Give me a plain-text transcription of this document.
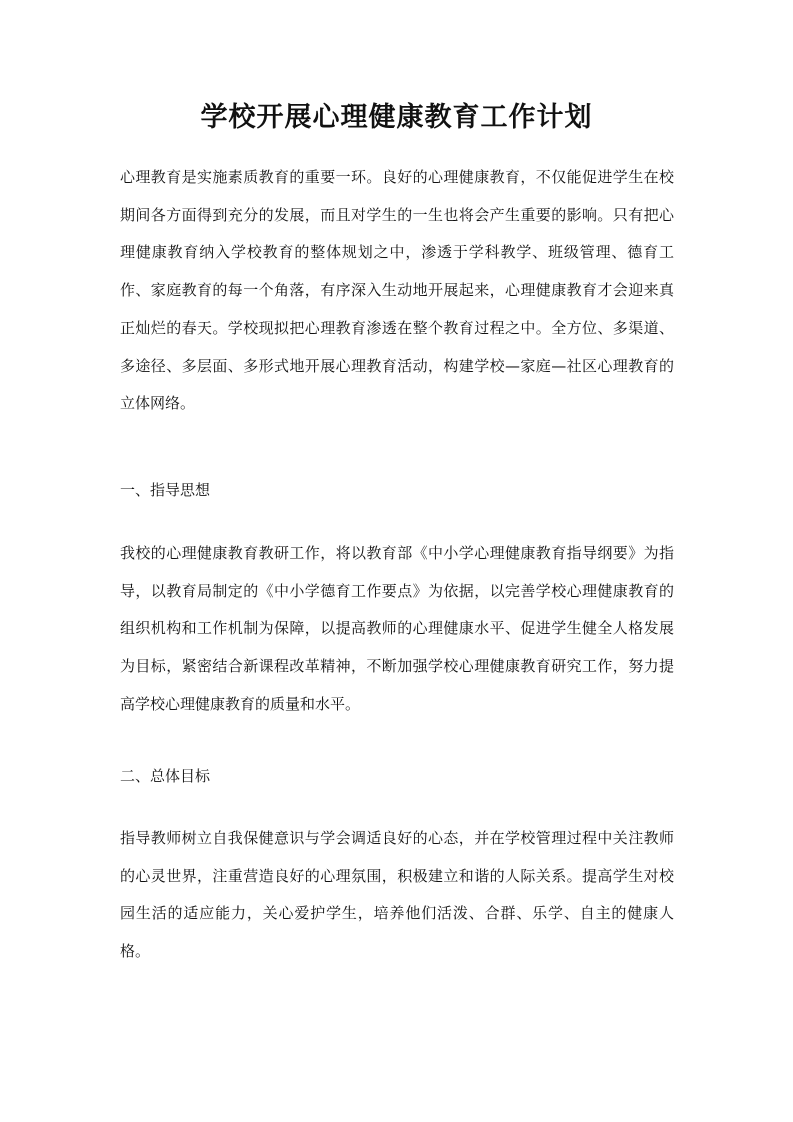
学校开展心理健康教育工作计划

心理教育是实施素质教育的重要一环。良好的心理健康教育，不仅能促进学生在校期间各方面得到充分的发展，而且对学生的一生也将会产生重要的影响。只有把心理健康教育纳入学校教育的整体规划之中，渗透于学科教学、班级管理、德育工作、家庭教育的每一个角落，有序深入生动地开展起来，心理健康教育才会迎来真正灿烂的春天。学校现拟把心理教育渗透在整个教育过程之中。全方位、多渠道、多途径、多层面、多形式地开展心理教育活动，构建学校—家庭—社区心理教育的立体网络。

一、指导思想

我校的心理健康教育教研工作，将以教育部《中小学心理健康教育指导纲要》为指导，以教育局制定的《中小学德育工作要点》为依据，以完善学校心理健康教育的组织机构和工作机制为保障，以提高教师的心理健康水平、促进学生健全人格发展为目标，紧密结合新课程改革精神，不断加强学校心理健康教育研究工作，努力提高学校心理健康教育的质量和水平。

二、总体目标

指导教师树立自我保健意识与学会调适良好的心态，并在学校管理过程中关注教师的心灵世界，注重营造良好的心理氛围，积极建立和谐的人际关系。提高学生对校园生活的适应能力，关心爱护学生，培养他们活泼、合群、乐学、自主的健康人格。
